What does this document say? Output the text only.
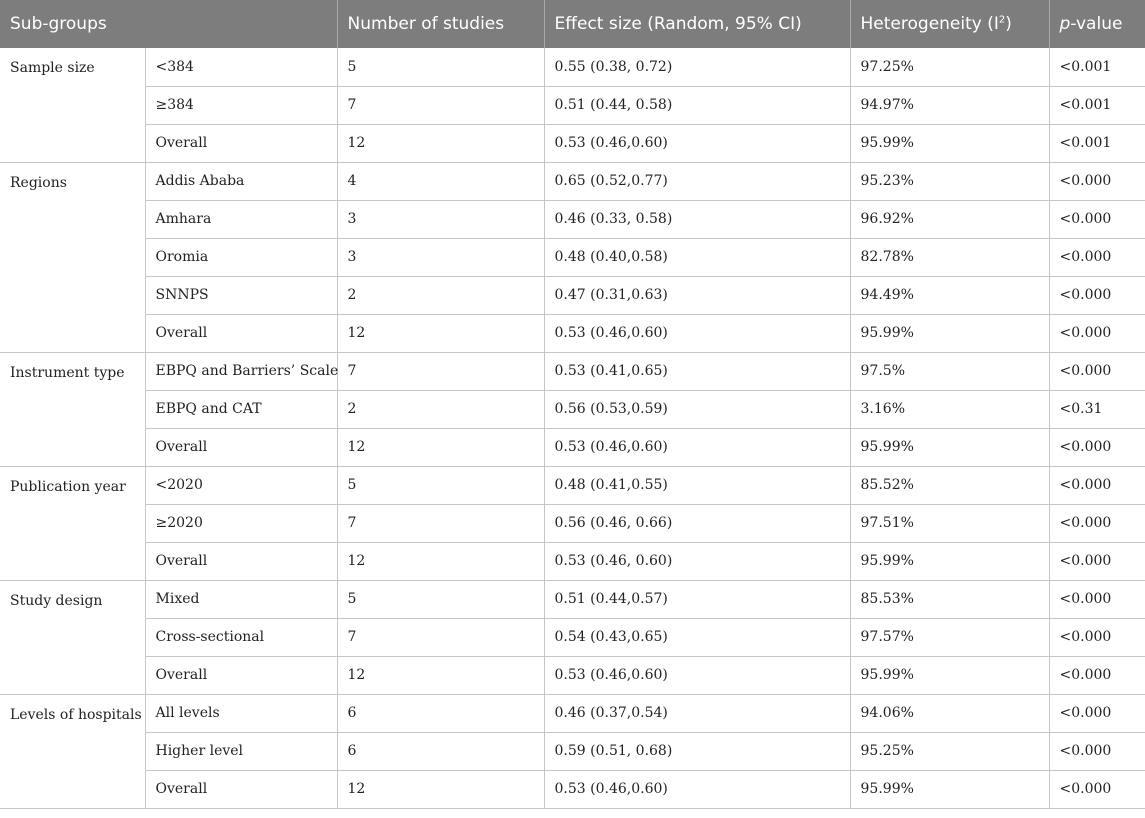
Sub-groups		Number of studies	Effect size (Random, 95% CI)	Heterogeneity $(I^2)$	p-value
Sample size	<384	5	0.55 (0.38, 0.72)	97.25%	<0.001
	≥384	7	0.51 (0.44, 0.58)	94.97%	<0.001
	Overall	12	0.53 (0.46,0.60)	95.99%	<0.001
Regions	Addis Ababa	4	0.65 (0.52,0.77)	95.23%	<0.000
	Amhara	3	0.46 (0.33, 0.58)	96.92%	<0.000
	Oromia	3	0.48 (0.40,0.58)	82.78%	<0.000
	SNNPS	2	0.47 (0.31,0.63)	94.49%	<0.000
	Overall	12	0.53 (0.46,0.60)	95.99%	<0.000
Instrument type	EBPQ and Barriers’ Scale	7	0.53 (0.41,0.65)	97.5%	<0.000
	EBPQ and CAT	2	0.56 (0.53,0.59)	3.16%	<0.31
	Overall	12	0.53 (0.46,0.60)	95.99%	<0.000
Publication year	<2020	5	0.48 (0.41,0.55)	85.52%	<0.000
	≥2020	7	0.56 (0.46, 0.66)	97.51%	<0.000
	Overall	12	0.53 (0.46, 0.60)	95.99%	<0.000
Study design	Mixed	5	0.51 (0.44,0.57)	85.53%	<0.000
	Cross-sectional	7	0.54 (0.43,0.65)	97.57%	<0.000
	Overall	12	0.53 (0.46,0.60)	95.99%	<0.000
Levels of hospitals	All levels	6	0.46 (0.37,0.54)	94.06%	<0.000
	Higher level	6	0.59 (0.51, 0.68)	95.25%	<0.000
	Overall	12	0.53 (0.46,0.60)	95.99%	<0.000
